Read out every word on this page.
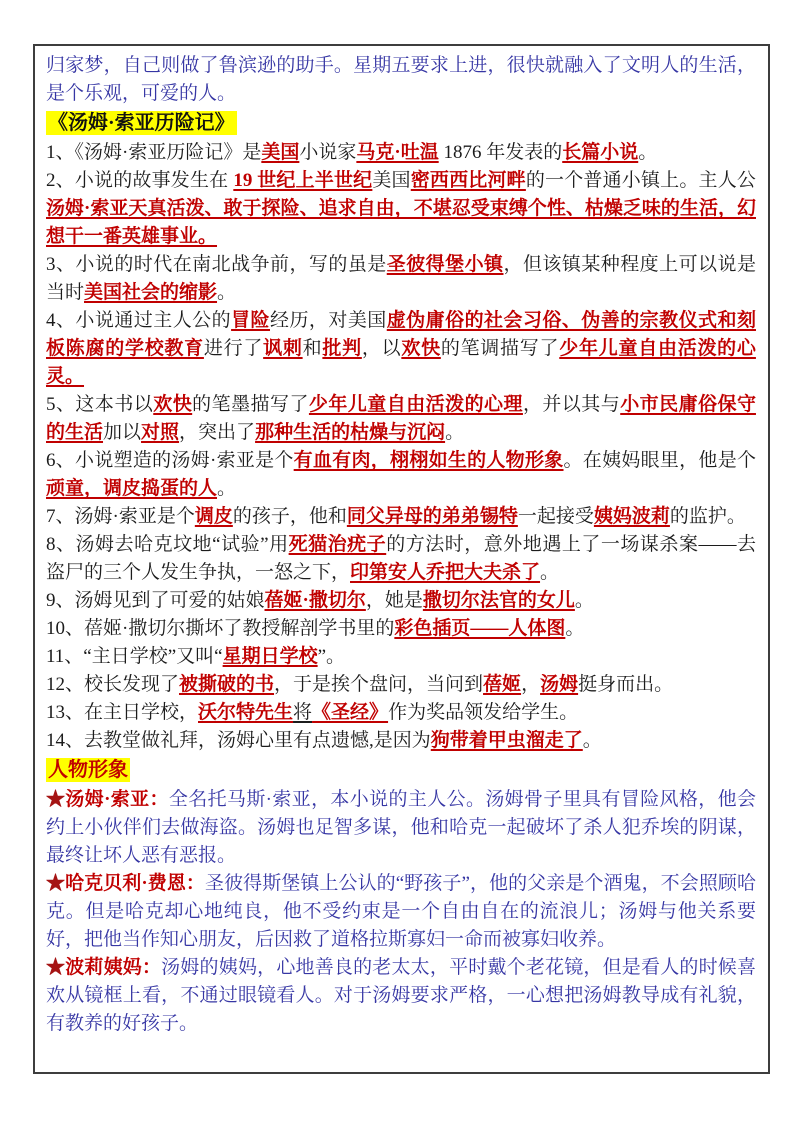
归家梦，自己则做了鲁滨逊的助手。星期五要求上进，很快就融入了文明人的生活，是个乐观，可爱的人。

《汤姆·索亚历险记》

1、《汤姆·索亚历险记》是美国小说家马克·吐温 1876 年发表的长篇小说。

2、小说的故事发生在 19 世纪上半世纪美国密西西比河畔的一个普通小镇上。主人公汤姆·索亚天真活泼、敢于探险、追求自由，不堪忍受束缚个性、枯燥乏味的生活，幻想干一番英雄事业。

3、小说的时代在南北战争前，写的虽是圣彼得堡小镇，但该镇某种程度上可以说是当时美国社会的缩影。

4、小说通过主人公的冒险经历，对美国虚伪庸俗的社会习俗、伪善的宗教仪式和刻板陈腐的学校教育进行了讽刺和批判，以欢快的笔调描写了少年儿童自由活泼的心灵。

5、这本书以欢快的笔墨描写了少年儿童自由活泼的心理，并以其与小市民庸俗保守的生活加以对照，突出了那种生活的枯燥与沉闷。

6、小说塑造的汤姆·索亚是个有血有肉，栩栩如生的人物形象。在姨妈眼里，他是个顽童，调皮捣蛋的人。

7、汤姆·索亚是个调皮的孩子，他和同父异母的弟弟锡特一起接受姨妈波莉的监护。

8、汤姆去哈克坟地“试验”用死猫治疣子的方法时，意外地遇上了一场谋杀案——去盗尸的三个人发生争执，一怒之下，印第安人乔把大夫杀了。

9、汤姆见到了可爱的姑娘蓓姬·撒切尔，她是撒切尔法官的女儿。

10、蓓姬·撒切尔撕坏了教授解剖学书里的彩色插页——人体图。

11、“主日学校”又叫“星期日学校”。

12、校长发现了被撕破的书，于是挨个盘问，当问到蓓姬，汤姆挺身而出。

13、在主日学校，沃尔特先生将《圣经》作为奖品领发给学生。

14、去教堂做礼拜，汤姆心里有点遗憾,是因为狗带着甲虫溜走了。

人物形象

★汤姆·索亚：全名托马斯·索亚，本小说的主人公。汤姆骨子里具有冒险风格，他会约上小伙伴们去做海盗。汤姆也足智多谋，他和哈克一起破坏了杀人犯乔埃的阴谋，最终让坏人恶有恶报。

★哈克贝利·费恩：圣彼得斯堡镇上公认的“野孩子”，他的父亲是个酒鬼，不会照顾哈克。但是哈克却心地纯良，他不受约束是一个自由自在的流浪儿；汤姆与他关系要好，把他当作知心朋友，后因救了道格拉斯寡妇一命而被寡妇收养。

★波莉姨妈：汤姆的姨妈，心地善良的老太太，平时戴个老花镜，但是看人的时候喜欢从镜框上看，不通过眼镜看人。对于汤姆要求严格，一心想把汤姆教导成有礼貌，有教养的好孩子。
